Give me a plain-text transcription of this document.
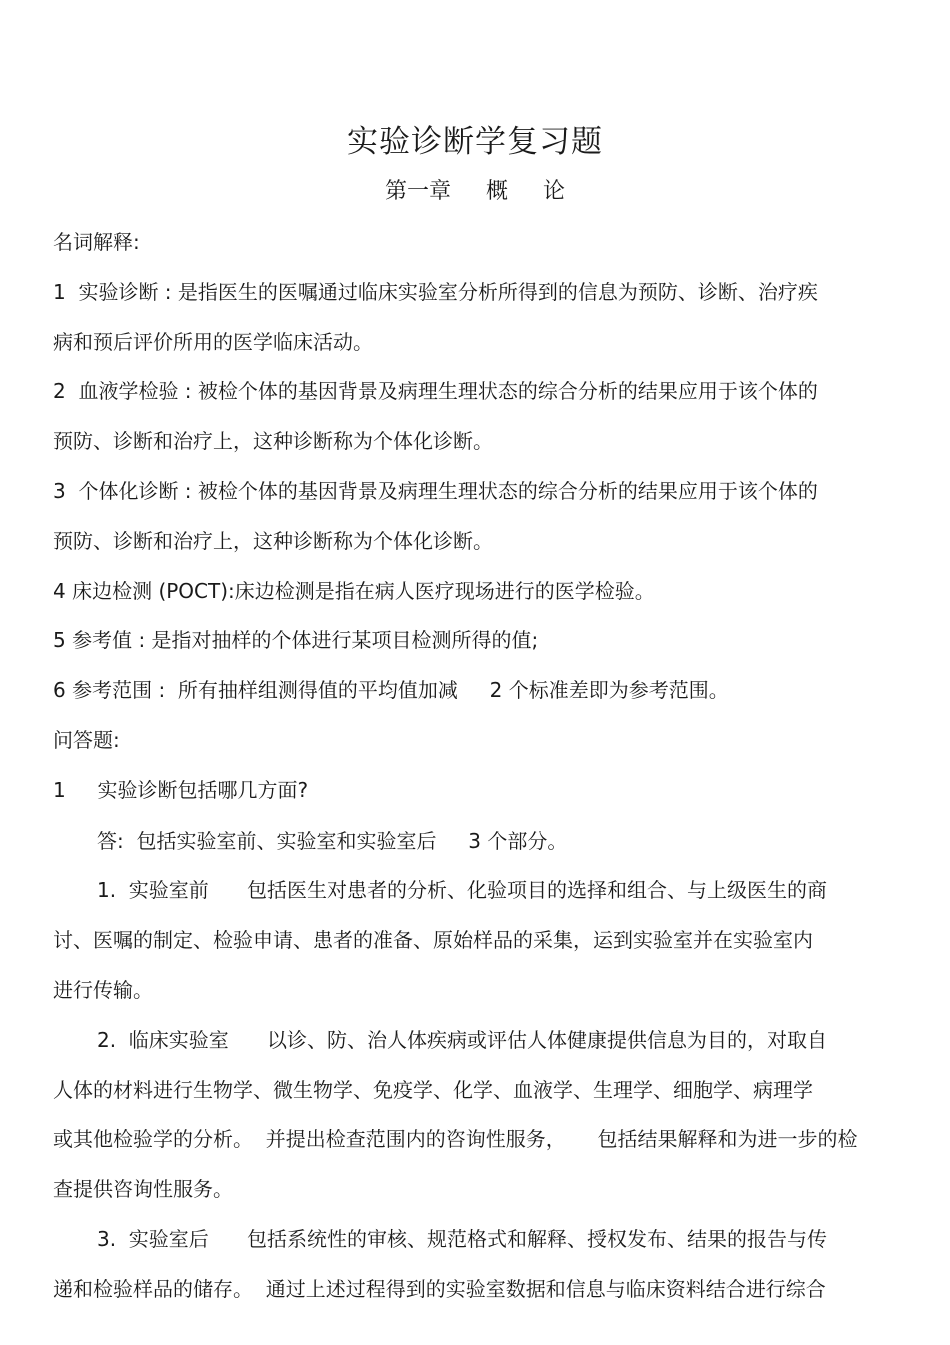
实验诊断学复习题
第一章     概     论
名词解释:
1  实验诊断 : 是指医生的医嘱通过临床实验室分析所得到的信息为预防、诊断、治疗疾
病和预后评价所用的医学临床活动。
2  血液学检验 : 被检个体的基因背景及病理生理状态的综合分析的结果应用于该个体的
预防、诊断和治疗上，这种诊断称为个体化诊断。
3  个体化诊断 : 被检个体的基因背景及病理生理状态的综合分析的结果应用于该个体的
预防、诊断和治疗上，这种诊断称为个体化诊断。
4 床边检测 (POCT):床边检测是指在病人医疗现场进行的医学检验。
5 参考值 : 是指对抽样的个体进行某项目检测所得的值;
6 参考范围 :  所有抽样组测得值的平均值加减     2 个标准差即为参考范围。
问答题:
1     实验诊断包括哪几方面?
答:  包括实验室前、实验室和实验室后     3 个部分。
1.  实验室前      包括医生对患者的分析、化验项目的选择和组合、与上级医生的商
讨、医嘱的制定、检验申请、患者的准备、原始样品的采集，运到实验室并在实验室内
进行传输。
2.  临床实验室      以诊、防、治人体疾病或评估人体健康提供信息为目的，对取自
人体的材料进行生物学、微生物学、免疫学、化学、血液学、生理学、细胞学、病理学
或其他检验学的分析。  并提出检查范围内的咨询性服务，     包括结果解释和为进一步的检
查提供咨询性服务。
3.  实验室后      包括系统性的审核、规范格式和解释、授权发布、结果的报告与传
递和检验样品的储存。  通过上述过程得到的实验室数据和信息与临床资料结合进行综合
